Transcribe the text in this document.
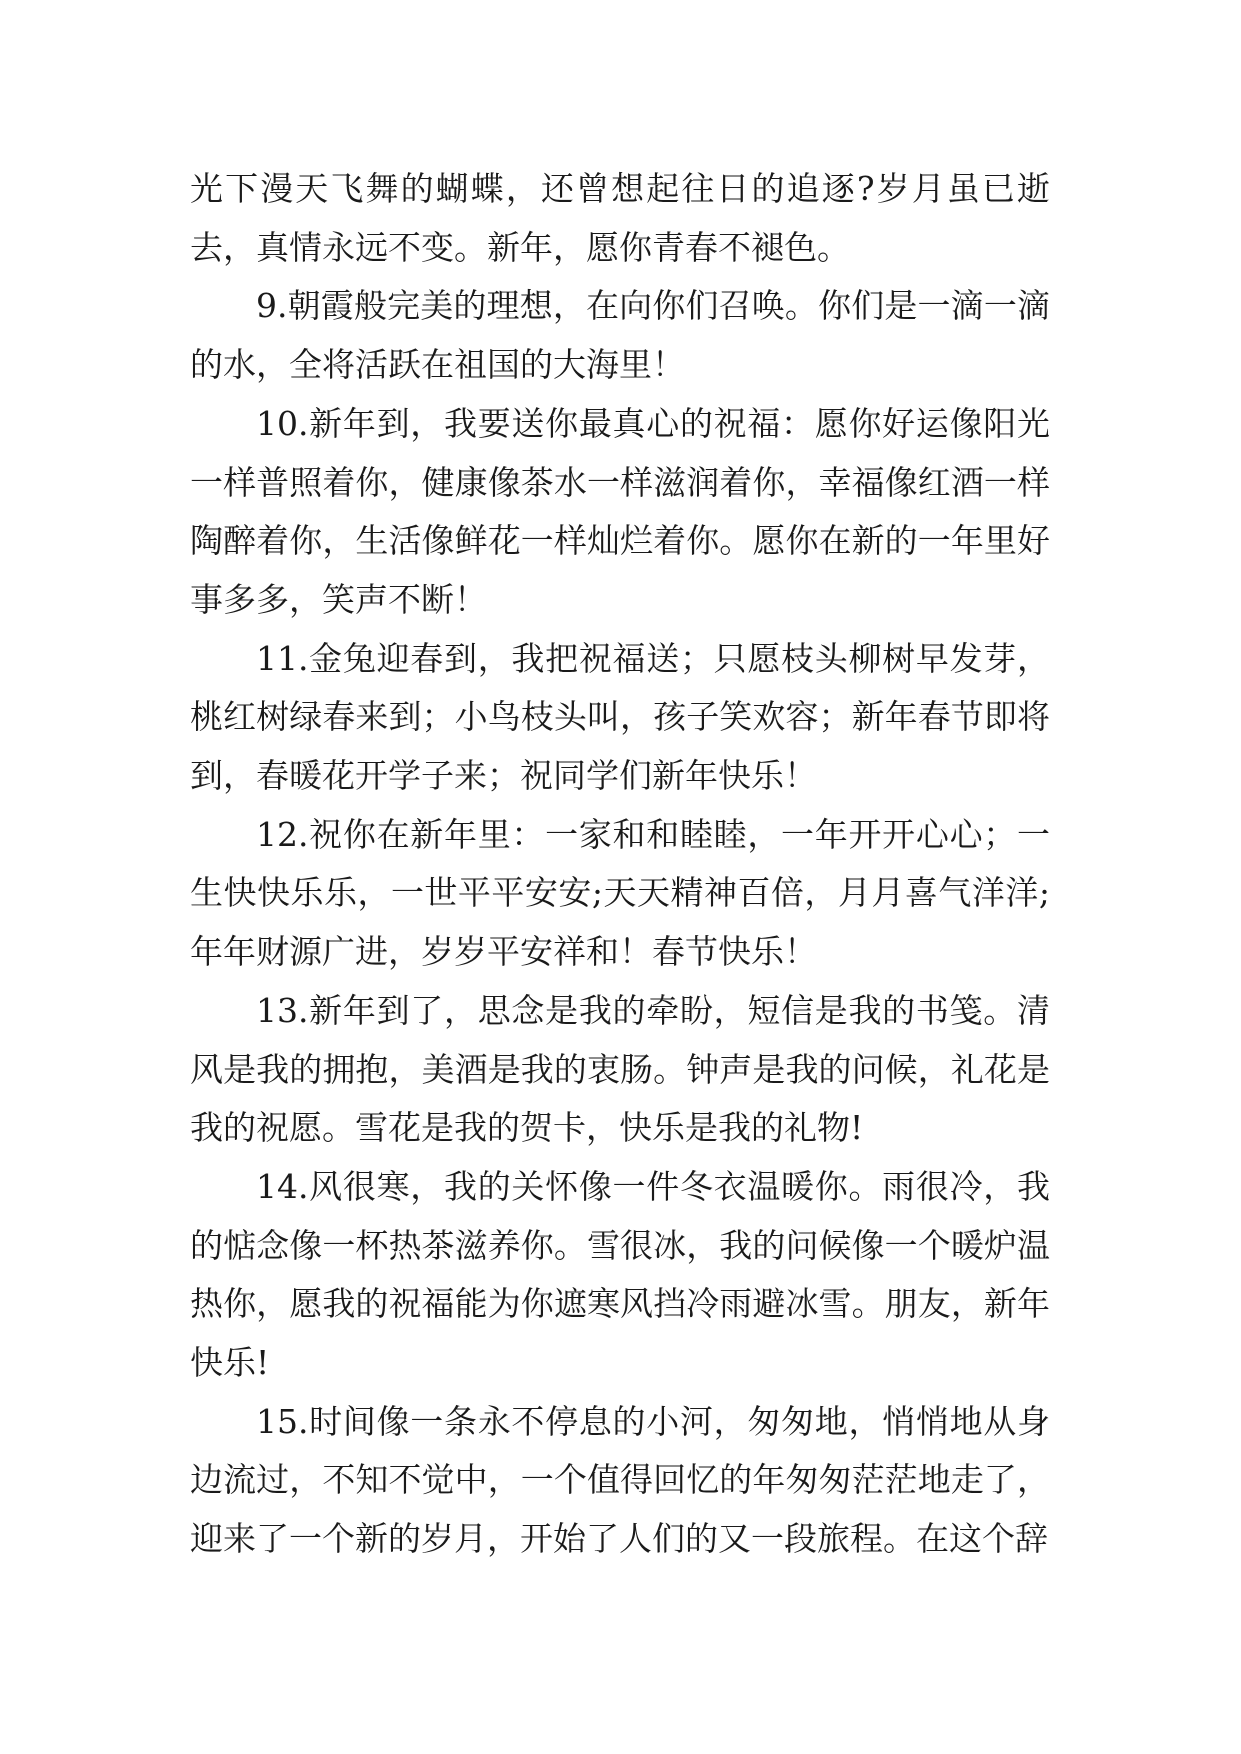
光下漫天飞舞的蝴蝶，还曾想起往日的追逐?岁月虽已逝去，真情永远不变。新年，愿你青春不褪色。

9.朝霞般完美的理想，在向你们召唤。你们是一滴一滴的水，全将活跃在祖国的大海里！

10.新年到，我要送你最真心的祝福：愿你好运像阳光一样普照着你，健康像茶水一样滋润着你，幸福像红酒一样陶醉着你，生活像鲜花一样灿烂着你。愿你在新的一年里好事多多，笑声不断！

11.金兔迎春到，我把祝福送；只愿枝头柳树早发芽，桃红树绿春来到；小鸟枝头叫，孩子笑欢容；新年春节即将到，春暖花开学子来；祝同学们新年快乐！

12.祝你在新年里：一家和和睦睦，一年开开心心；一生快快乐乐，一世平平安安;天天精神百倍，月月喜气洋洋;年年财源广进，岁岁平安祥和！春节快乐！

13.新年到了，思念是我的牵盼，短信是我的书笺。清风是我的拥抱，美酒是我的衷肠。钟声是我的问候，礼花是我的祝愿。雪花是我的贺卡，快乐是我的礼物!

14.风很寒，我的关怀像一件冬衣温暖你。雨很冷，我的惦念像一杯热茶滋养你。雪很冰，我的问候像一个暖炉温热你，愿我的祝福能为你遮寒风挡冷雨避冰雪。朋友，新年快乐!

15.时间像一条永不停息的小河，匆匆地，悄悄地从身边流过，不知不觉中，一个值得回忆的年匆匆茫茫地走了，迎来了一个新的岁月，开始了人们的又一段旅程。在这个辞
